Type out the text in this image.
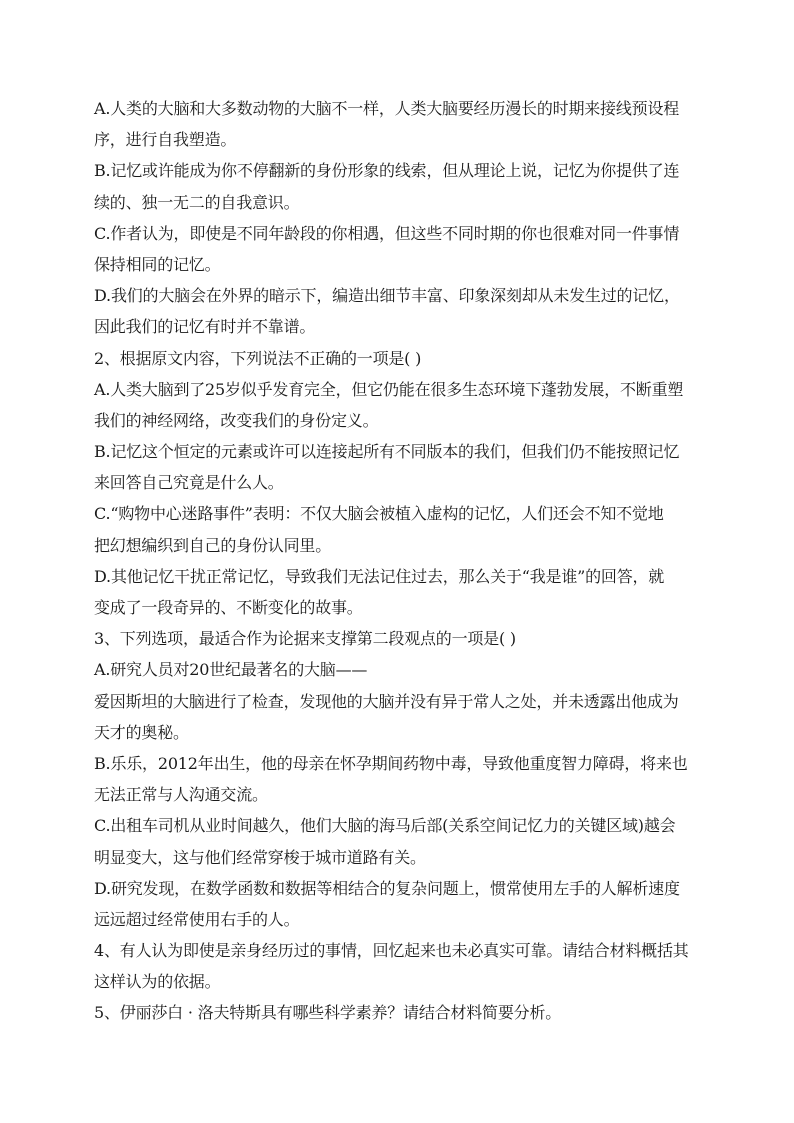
A.人类的大脑和大多数动物的大脑不一样，人类大脑要经历漫长的时期来接线预设程
序，进行自我塑造。
B.记忆或许能成为你不停翻新的身份形象的线索，但从理论上说，记忆为你提供了连
续的、独一无二的自我意识。
C.作者认为，即使是不同年龄段的你相遇，但这些不同时期的你也很难对同一件事情
保持相同的记忆。
D.我们的大脑会在外界的暗示下，编造出细节丰富、印象深刻却从未发生过的记忆，
因此我们的记忆有时并不靠谱。
2、根据原文内容，下列说法不正确的一项是( )
A.人类大脑到了25岁似乎发育完全，但它仍能在很多生态环境下蓬勃发展，不断重塑
我们的神经网络，改变我们的身份定义。
B.记忆这个恒定的元素或许可以连接起所有不同版本的我们，但我们仍不能按照记忆
来回答自己究竟是什么人。
C.“购物中心迷路事件”表明：不仅大脑会被植入虚构的记忆，人们还会不知不觉地
把幻想编织到自己的身份认同里。
D.其他记忆干扰正常记忆，导致我们无法记住过去，那么关于“我是谁”的回答，就
变成了一段奇异的、不断变化的故事。
3、下列选项，最适合作为论据来支撑第二段观点的一项是( )
A.研究人员对20世纪最著名的大脑——
爱因斯坦的大脑进行了检查，发现他的大脑并没有异于常人之处，并未透露出他成为
天才的奥秘。
B.乐乐，2012年出生，他的母亲在怀孕期间药物中毒，导致他重度智力障碍，将来也
无法正常与人沟通交流。
C.出租车司机从业时间越久，他们大脑的海马后部(关系空间记忆力的关键区域)越会
明显变大，这与他们经常穿梭于城市道路有关。
D.研究发现，在数学函数和数据等相结合的复杂问题上，惯常使用左手的人解析速度
远远超过经常使用右手的人。
4、有人认为即使是亲身经历过的事情，回忆起来也未必真实可靠。请结合材料概括其
这样认为的依据。
5、伊丽莎白 · 洛夫特斯具有哪些科学素养？请结合材料简要分析。
